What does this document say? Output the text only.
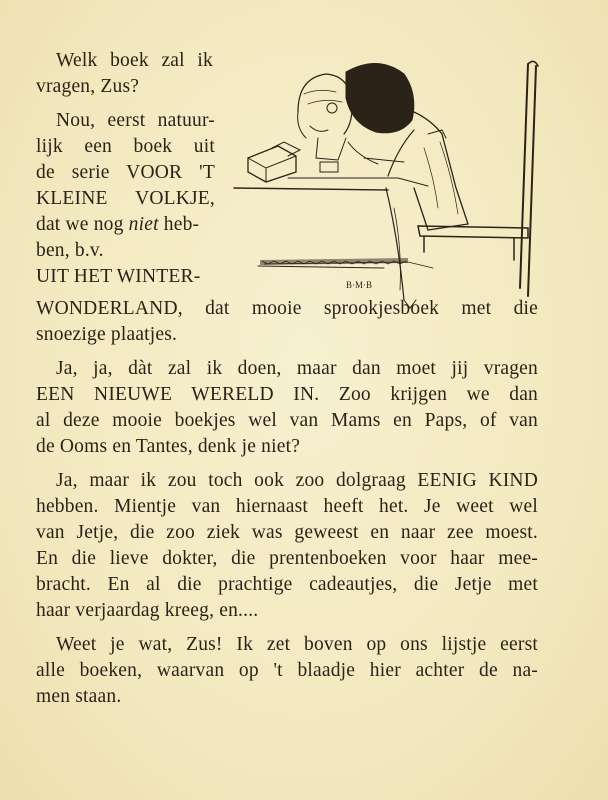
B·M·B

Welk boek zal ik

vragen, Zus?

Nou, eerst natuur-

lijk een boek uit

de serie VOOR 'T

KLEINE VOLKJE,

dat we nog niet heb-

ben, b.v.

UIT HET WINTER-

WONDERLAND, dat mooie sprookjesboek met die

snoezige plaatjes.

Ja, ja, dàt zal ik doen, maar dan moet jij vragen

EEN NIEUWE WERELD IN. Zoo krijgen we dan

al deze mooie boekjes wel van Mams en Paps, of van

de Ooms en Tantes, denk je niet?

Ja, maar ik zou toch ook zoo dolgraag EENIG KIND

hebben. Mientje van hiernaast heeft het. Je weet wel

van Jetje, die zoo ziek was geweest en naar zee moest.

En die lieve dokter, die prentenboeken voor haar mee-

bracht. En al die prachtige cadeautjes, die Jetje met

haar verjaardag kreeg, en....

Weet je wat, Zus! Ik zet boven op ons lijstje eerst

alle boeken, waarvan op 't blaadje hier achter de na-

men staan.
